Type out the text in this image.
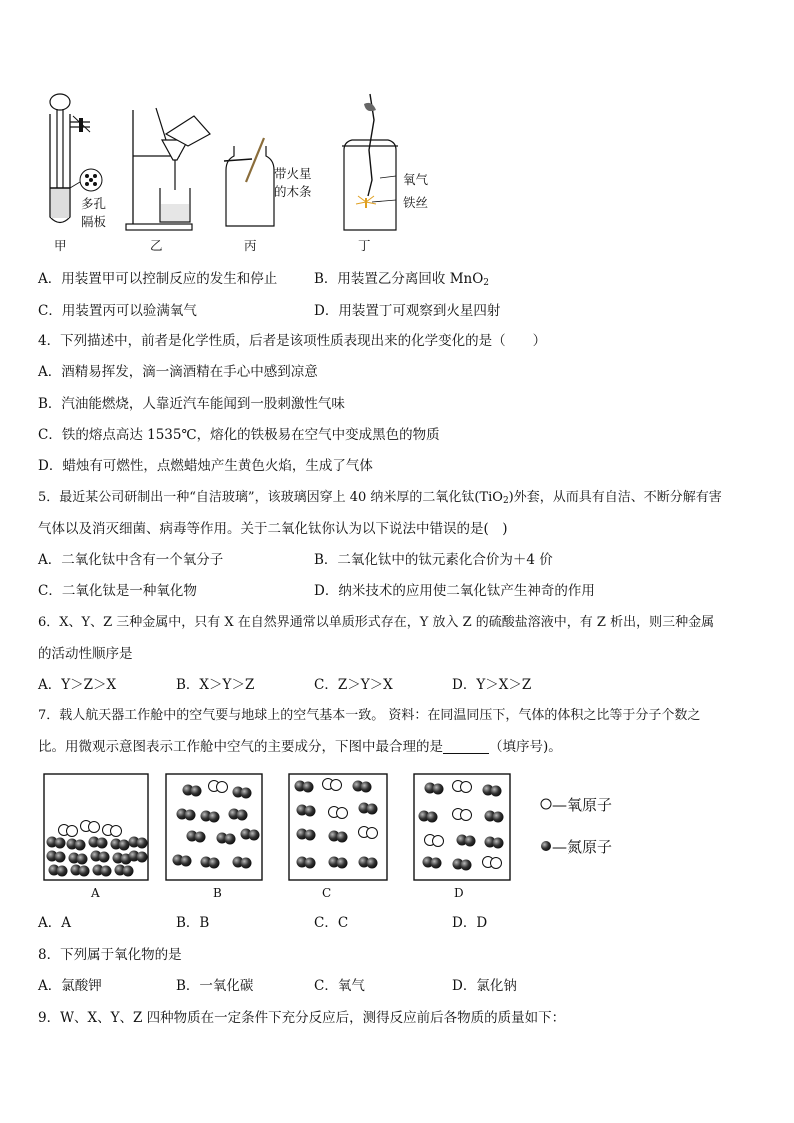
多孔
隔板
乙
带火星
的木条
丙
氧气
铁丝
甲	丁
A．用装置甲可以控制反应的发生和停止	B．用装置乙分离回收 MnO$_2$
C．用装置丙可以验满氧气	D．用装置丁可观察到火星四射
4．下列描述中，前者是化学性质，后者是该项性质表现出来的化学变化的是（　　）
A．酒精易挥发，滴一滴酒精在手心中感到凉意
B．汽油能燃烧，人靠近汽车能闻到一股刺激性气味
C．铁的熔点高达 1535℃，熔化的铁极易在空气中变成黑色的物质
D．蜡烛有可燃性，点燃蜡烛产生黄色火焰，生成了气体
5．最近某公司研制出一种“自洁玻璃”，该玻璃因穿上 40 纳米厚的二氧化钛(TiO$_2$)外套，从而具有自洁、不断分解有害
气体以及消灭细菌、病毒等作用。关于二氧化钛你认为以下说法中错误的是(　)
A．二氧化钛中含有一个氧分子	B．二氧化钛中的钛元素化合价为＋4 价
C．二氧化钛是一种氧化物	D．纳米技术的应用使二氧化钛产生神奇的作用
6．X、Y、Z 三种金属中，只有 X 在自然界通常以单质形式存在，Y 放入 Z 的硫酸盐溶液中，有 Z 析出，则三种金属
的活动性顺序是
A．Y＞Z＞X	B．X＞Y＞Z	C．Z＞Y＞X	D．Y＞X＞Z
7．载人航天器工作舱中的空气要与地球上的空气基本一致。 资料：在同温同压下，气体的体积之比等于分子个数之
比。用微观示意图表示工作舱中空气的主要成分，下图中最合理的是	（填序号)。
—氧原子
—氮原子
A	B	C	D
A．A	B．B	C．C	D．D
8．下列属于氧化物的是
A．氯酸钾	B．一氧化碳	C．氧气	D．氯化钠
9．W、X、Y、Z 四种物质在一定条件下充分反应后，测得反应前后各物质的质量如下：
